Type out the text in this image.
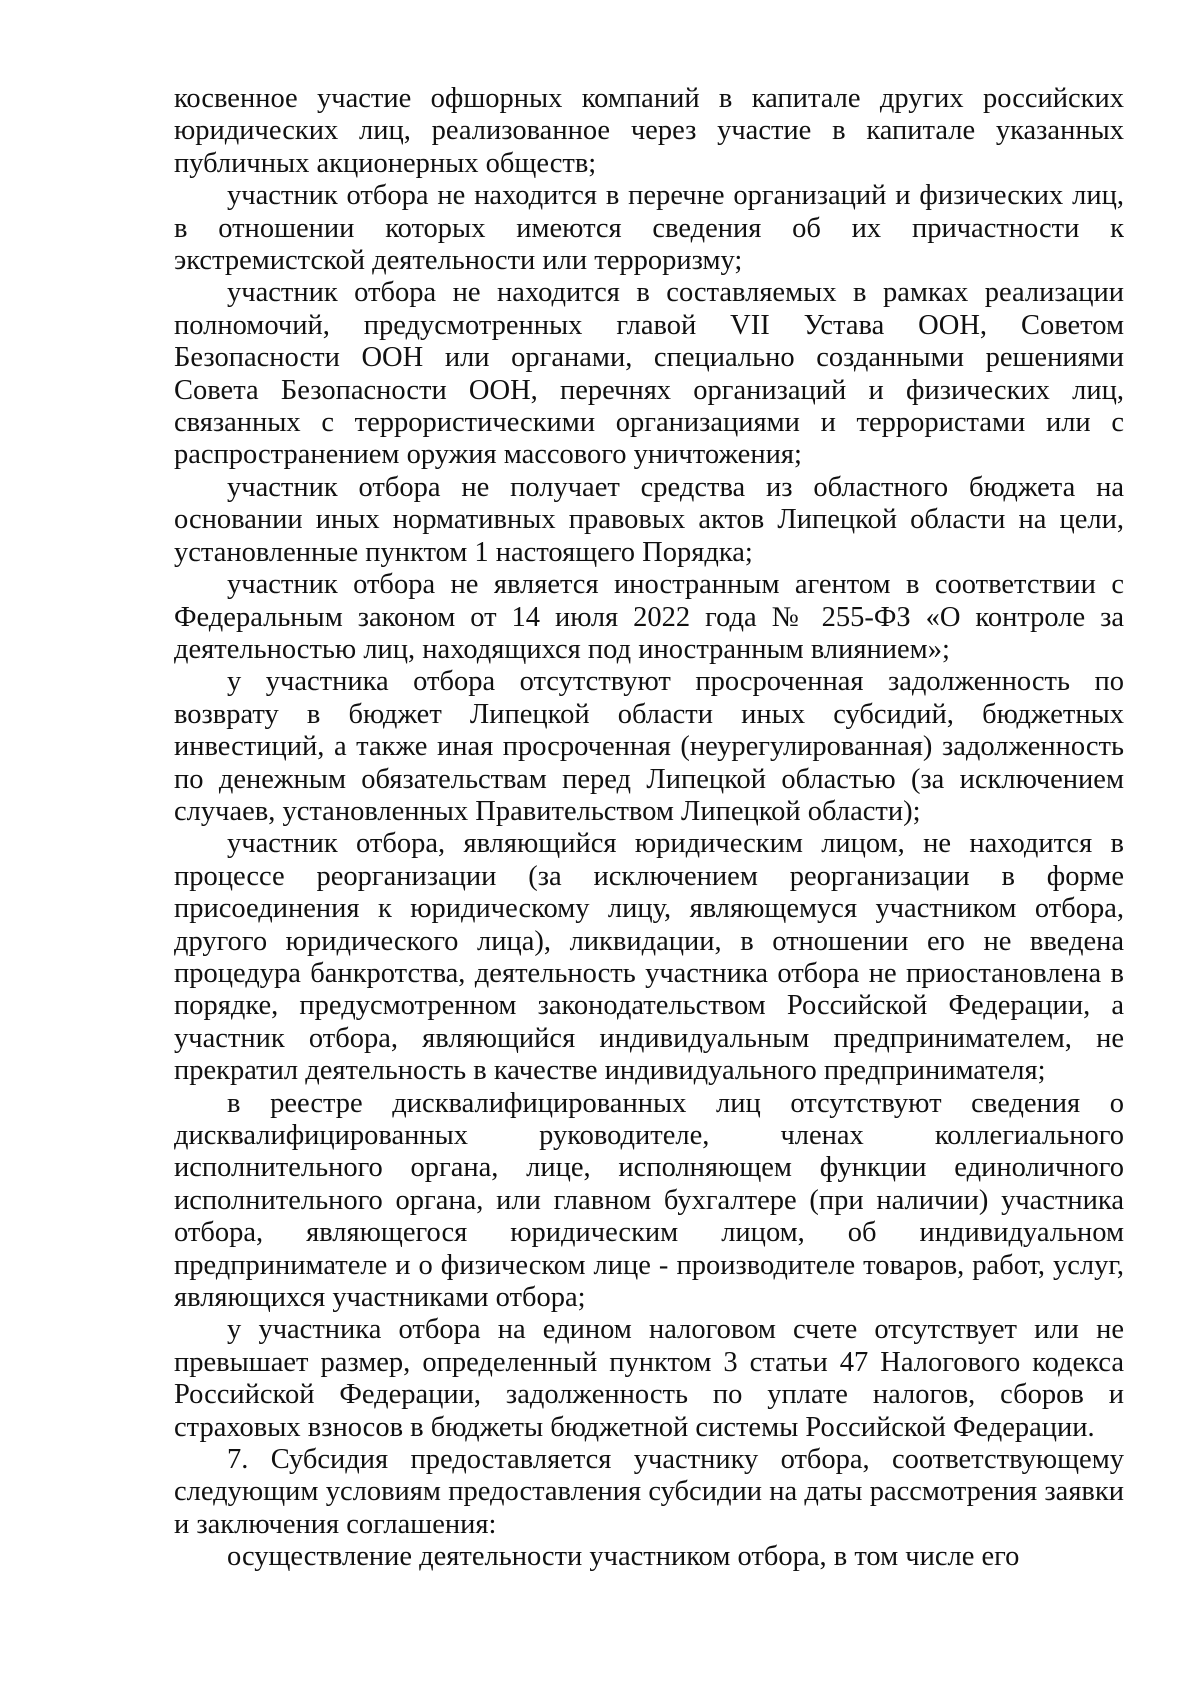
косвенное участие офшорных компаний в капитале других российских юридических лиц, реализованное через участие в капитале указанных публичных акционерных обществ;

участник отбора не находится в перечне организаций и физических лиц, в отношении которых имеются сведения об их причастности к экстремистской деятельности или терроризму;

участник отбора не находится в составляемых в рамках реализации полномочий, предусмотренных главой VII Устава ООН, Советом Безопасности ООН или органами, специально созданными решениями Совета Безопасности ООН, перечнях организаций и физических лиц, связанных с террористическими организациями и террористами или с распространением оружия массового уничтожения;

участник отбора не получает средства из областного бюджета на основании иных нормативных правовых актов Липецкой области на цели, установленные пунктом 1 настоящего Порядка;

участник отбора не является иностранным агентом в соответствии с Федеральным законом от 14 июля 2022 года № 255-ФЗ «О контроле за деятельностью лиц, находящихся под иностранным влиянием»;

у участника отбора отсутствуют просроченная задолженность по возврату в бюджет Липецкой области иных субсидий, бюджетных инвестиций, а также иная просроченная (неурегулированная) задолженность по денежным обязательствам перед Липецкой областью (за исключением случаев, установленных Правительством Липецкой области);

участник отбора, являющийся юридическим лицом, не находится в процессе реорганизации (за исключением реорганизации в форме присоединения к юридическому лицу, являющемуся участником отбора, другого юридического лица), ликвидации, в отношении его не введена процедура банкротства, деятельность участника отбора не приостановлена в порядке, предусмотренном законодательством Российской Федерации, а участник отбора, являющийся индивидуальным предпринимателем, не прекратил деятельность в качестве индивидуального предпринимателя;

в реестре дисквалифицированных лиц отсутствуют сведения о дисквалифицированных руководителе, членах коллегиального исполнительного органа, лице, исполняющем функции единоличного исполнительного органа, или главном бухгалтере (при наличии) участника отбора, являющегося юридическим лицом, об индивидуальном предпринимателе и о физическом лице - производителе товаров, работ, услуг, являющихся участниками отбора;

у участника отбора на едином налоговом счете отсутствует или не превышает размер, определенный пунктом 3 статьи 47 Налогового кодекса Российской Федерации, задолженность по уплате налогов, сборов и страховых взносов в бюджеты бюджетной системы Российской Федерации.

7. Субсидия предоставляется участнику отбора, соответствующему следующим условиям предоставления субсидии на даты рассмотрения заявки и заключения соглашения:

осуществление деятельности участником отбора, в том числе его
